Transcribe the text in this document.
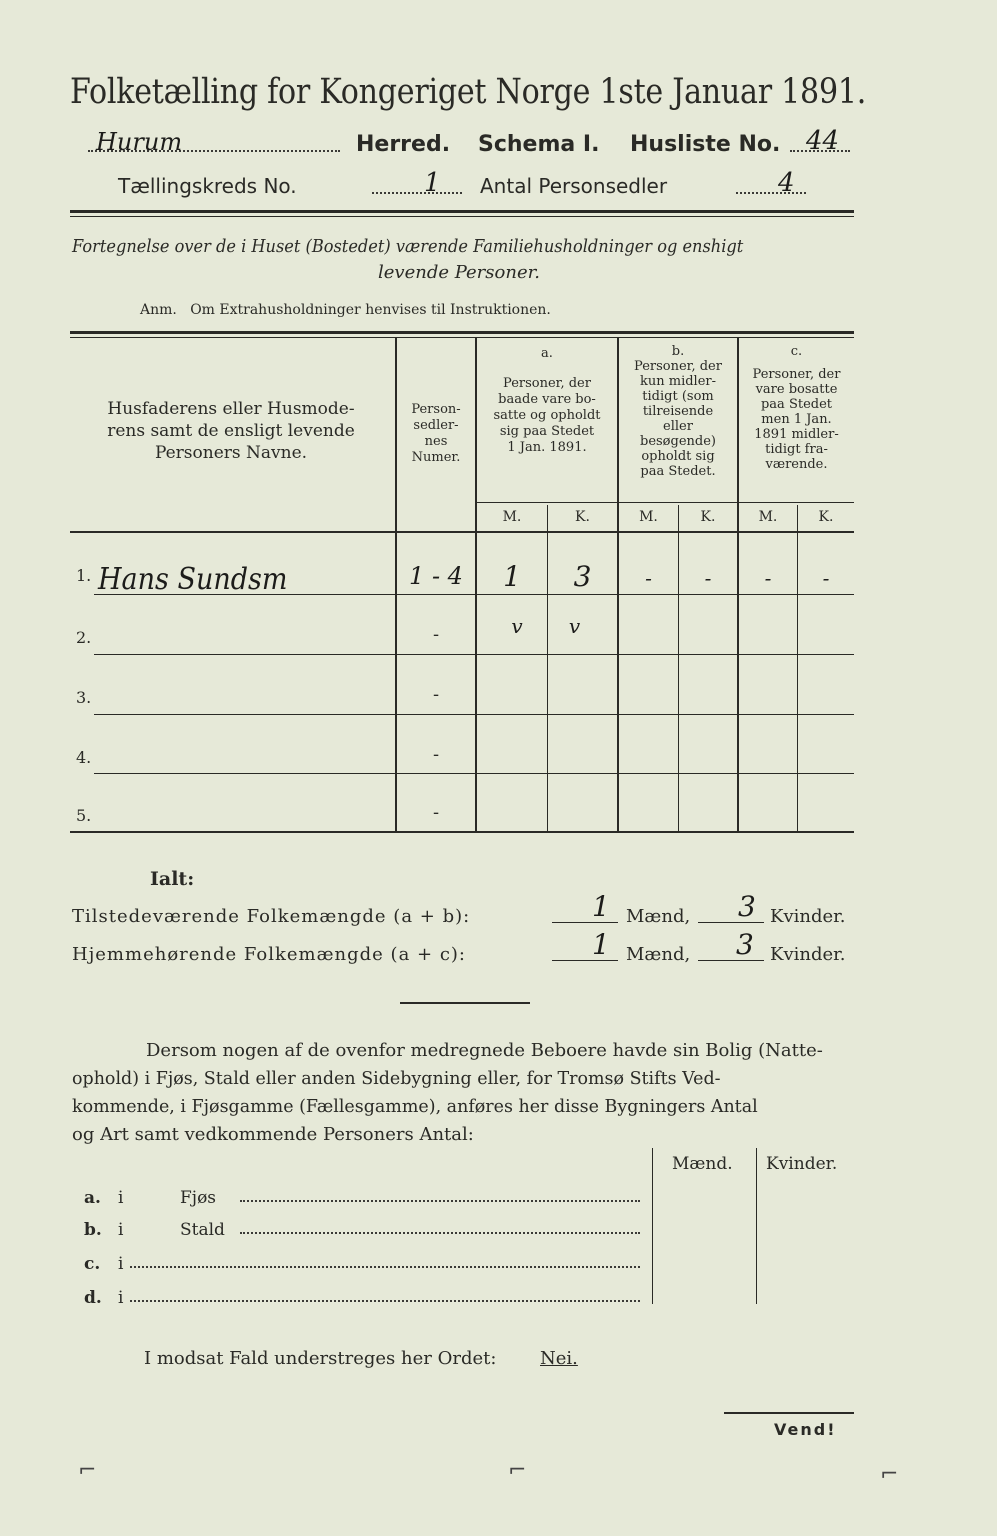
Folketælling for Kongeriget Norge 1ste Januar 1891.
Hurum	Herred. Schema I. Husliste No. 44
Tællingskreds No.	1 Antal Personsedler	4
Fortegnelse over de i Huset (Bostedet) værende Familiehusholdninger og enshigt
levende Personer.
Anm.   Om Extrahusholdninger henvises til Instruktionen.
Husfaderens eller Husmode-
rens samt de ensligt levende
Personers Navne.
Person-
sedler-
nes
Numer.
a.
Personer, der
baade vare bo-
satte og opholdt
sig paa Stedet
1 Jan. 1891.
b.
Personer, der
kun midler-
tidigt (som
tilreisende
eller
besøgende)
opholdt sig
paa Stedet.
c.
Personer, der
vare bosatte
paa Stedet
men 1 Jan.
1891 midler-
tidigt fra-
værende.
M.	K.	M.	K.	M.	K.
1. Hans Sundsm	1 - 4	1	3	-	-	-	-
2.	-	v	v
3.	-
4.	-
5.	-
Ialt:
Tilstedeværende Folkemængde (a + b):	1 Mænd, 3 Kvinder.
Hjemmehørende Folkemængde (a + c):	1 Mænd, 3 Kvinder.
Dersom nogen af de ovenfor medregnede Beboere havde sin Bolig (Natte-
ophold) i Fjøs, Stald eller anden Sidebygning eller, for Tromsø Stifts Ved-
kommende, i Fjøsgamme (Fællesgamme), anføres her disse Bygningers Antal
og Art samt vedkommende Personers Antal:
Mænd. Kvinder.
a. i	Fjøs
b. i	Stald
c. i
d. i
I modsat Fald understreges her Ordet: Nei.
Vend!
⌐	⌐	⌐
